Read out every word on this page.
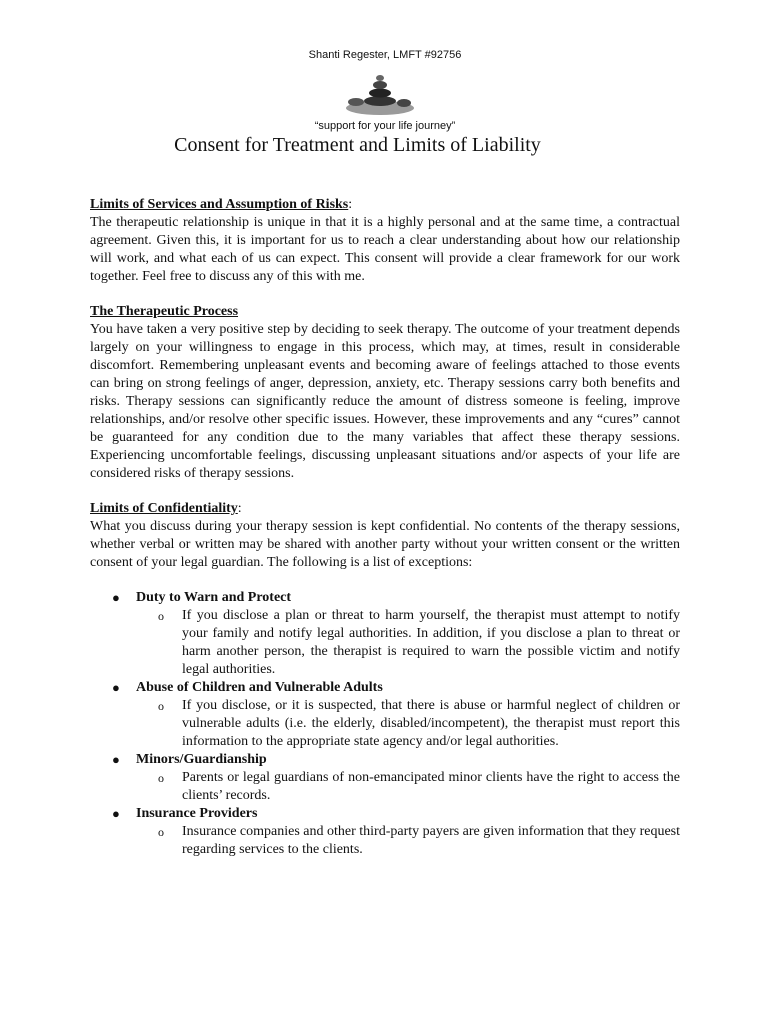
Shanti Regester, LMFT #92756
“support for your life journey”
Consent for Treatment and Limits of Liability

Limits of Services and Assumption of Risks:

The therapeutic relationship is unique in that it is a highly personal and at the same time, a contractual agreement. Given this, it is important for us to reach a clear understanding about how our relationship will work, and what each of us can expect. This consent will provide a clear framework for our work together. Feel free to discuss any of this with me.

The Therapeutic Process

You have taken a very positive step by deciding to seek therapy. The outcome of your treatment depends largely on your willingness to engage in this process, which may, at times, result in considerable discomfort. Remembering unpleasant events and becoming aware of feelings attached to those events can bring on strong feelings of anger, depression, anxiety, etc. Therapy sessions carry both benefits and risks. Therapy sessions can significantly reduce the amount of distress someone is feeling, improve relationships, and/or resolve other specific issues. However, these improvements and any “cures” cannot be guaranteed for any condition due to the many variables that affect these therapy sessions. Experiencing uncomfortable feelings, discussing unpleasant situations and/or aspects of your life are considered risks of therapy sessions.

Limits of Confidentiality:

What you discuss during your therapy session is kept confidential. No contents of the therapy sessions, whether verbal or written may be shared with another party without your written consent or the written consent of your legal guardian. The following is a list of exceptions:

● Duty to Warn and Protect
o If you disclose a plan or threat to harm yourself, the therapist must attempt to notify your family and notify legal authorities. In addition, if you disclose a plan to threat or harm another person, the therapist is required to warn the possible victim and notify legal authorities.
● Abuse of Children and Vulnerable Adults
o If you disclose, or it is suspected, that there is abuse or harmful neglect of children or vulnerable adults (i.e. the elderly, disabled/incompetent), the therapist must report this information to the appropriate state agency and/or legal authorities.
● Minors/Guardianship
o Parents or legal guardians of non-emancipated minor clients have the right to access the clients’ records.
● Insurance Providers
o Insurance companies and other third-party payers are given information that they request regarding services to the clients.
